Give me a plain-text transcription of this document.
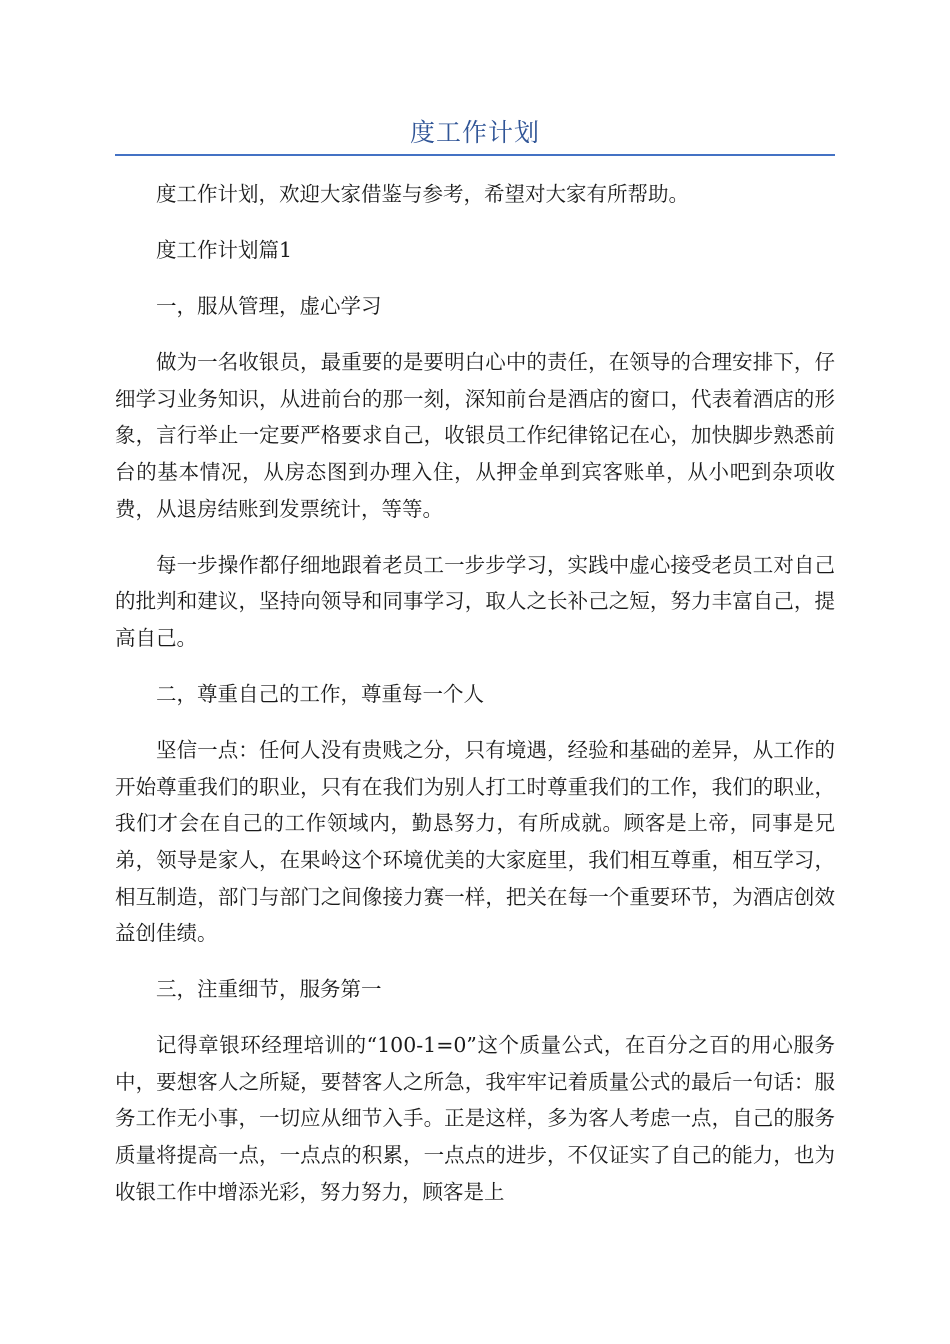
度工作计划

度工作计划，欢迎大家借鉴与参考，希望对大家有所帮助。

度工作计划篇1

一，服从管理，虚心学习

做为一名收银员，最重要的是要明白心中的责任，在领导的合理安排下，仔细学习业务知识，从进前台的那一刻，深知前台是酒店的窗口，代表着酒店的形象，言行举止一定要严格要求自己，收银员工作纪律铭记在心，加快脚步熟悉前台的基本情况，从房态图到办理入住，从押金单到宾客账单，从小吧到杂项收费，从退房结账到发票统计，等等。

每一步操作都仔细地跟着老员工一步步学习，实践中虚心接受老员工对自己的批判和建议，坚持向领导和同事学习，取人之长补己之短，努力丰富自己，提高自己。

二，尊重自己的工作，尊重每一个人

坚信一点：任何人没有贵贱之分，只有境遇，经验和基础的差异，从工作的开始尊重我们的职业，只有在我们为别人打工时尊重我们的工作，我们的职业，我们才会在自己的工作领域内，勤恳努力，有所成就。顾客是上帝，同事是兄弟，领导是家人，在果岭这个环境优美的大家庭里，我们相互尊重，相互学习，相互制造，部门与部门之间像接力赛一样，把关在每一个重要环节，为酒店创效益创佳绩。

三，注重细节，服务第一

记得章银环经理培训的“100-1=0”这个质量公式，在百分之百的用心服务中，要想客人之所疑，要替客人之所急，我牢牢记着质量公式的最后一句话：服务工作无小事，一切应从细节入手。正是这样，多为客人考虑一点，自己的服务质量将提高一点，一点点的积累，一点点的进步，不仅证实了自己的能力，也为收银工作中增添光彩，努力努力，顾客是上
